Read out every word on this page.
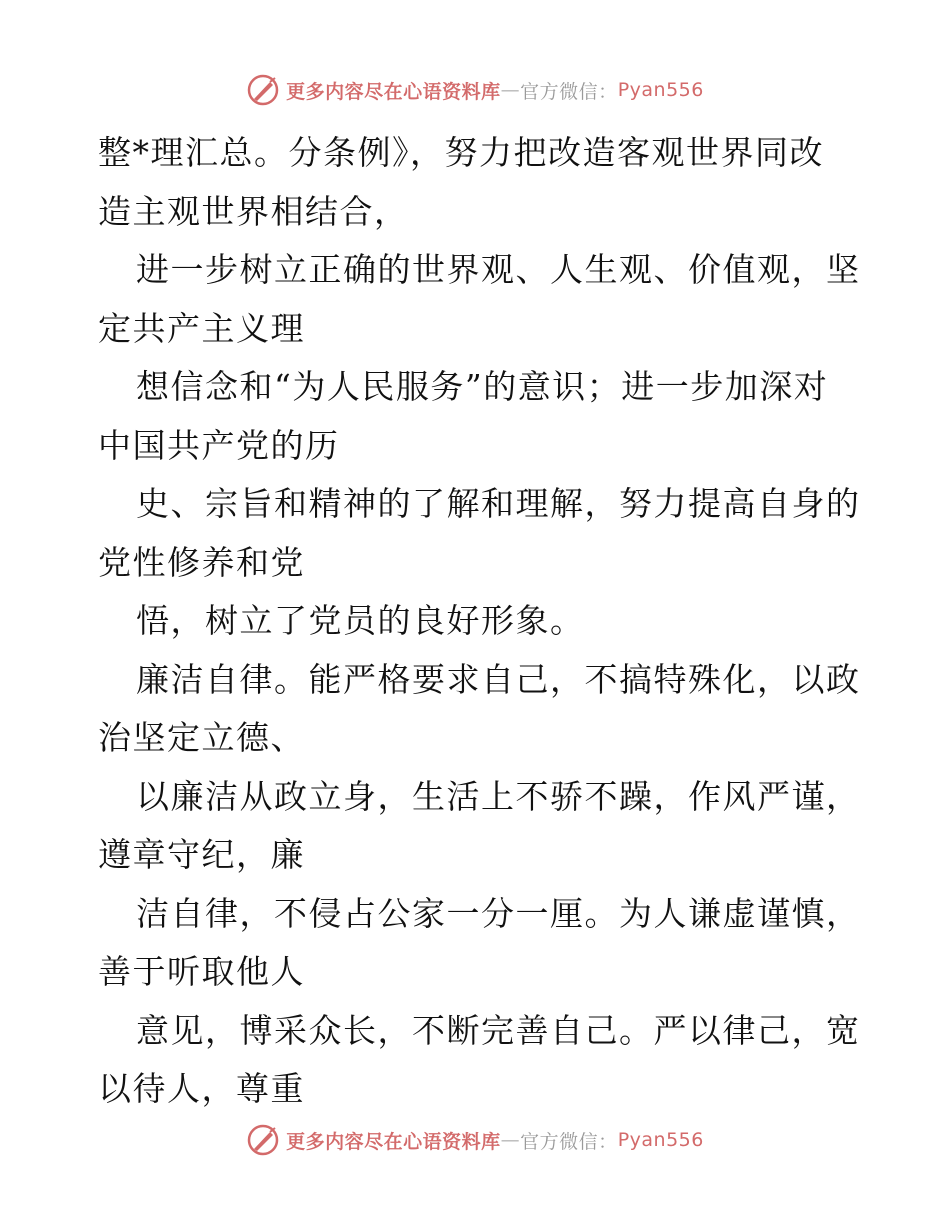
更多内容尽在心语资料库 — 官方微信： Pyan556
整*理汇总。分条例》，努力把改造客观世界同改
造主观世界相结合，
进一步树立正确的世界观、人生观、价值观，坚
定共产主义理
想信念和“为人民服务”的意识；进一步加深对
中国共产党的历
史、宗旨和精神的了解和理解，努力提高自身的
党性修养和党
悟，树立了党员的良好形象。
廉洁自律。能严格要求自己，不搞特殊化，以政
治坚定立德、
以廉洁从政立身，生活上不骄不躁，作风严谨，
遵章守纪，廉
洁自律，不侵占公家一分一厘。为人谦虚谨慎，
善于听取他人
意见，博采众长，不断完善自己。严以律己，宽
以待人，尊重
更多内容尽在心语资料库 — 官方微信： Pyan556
